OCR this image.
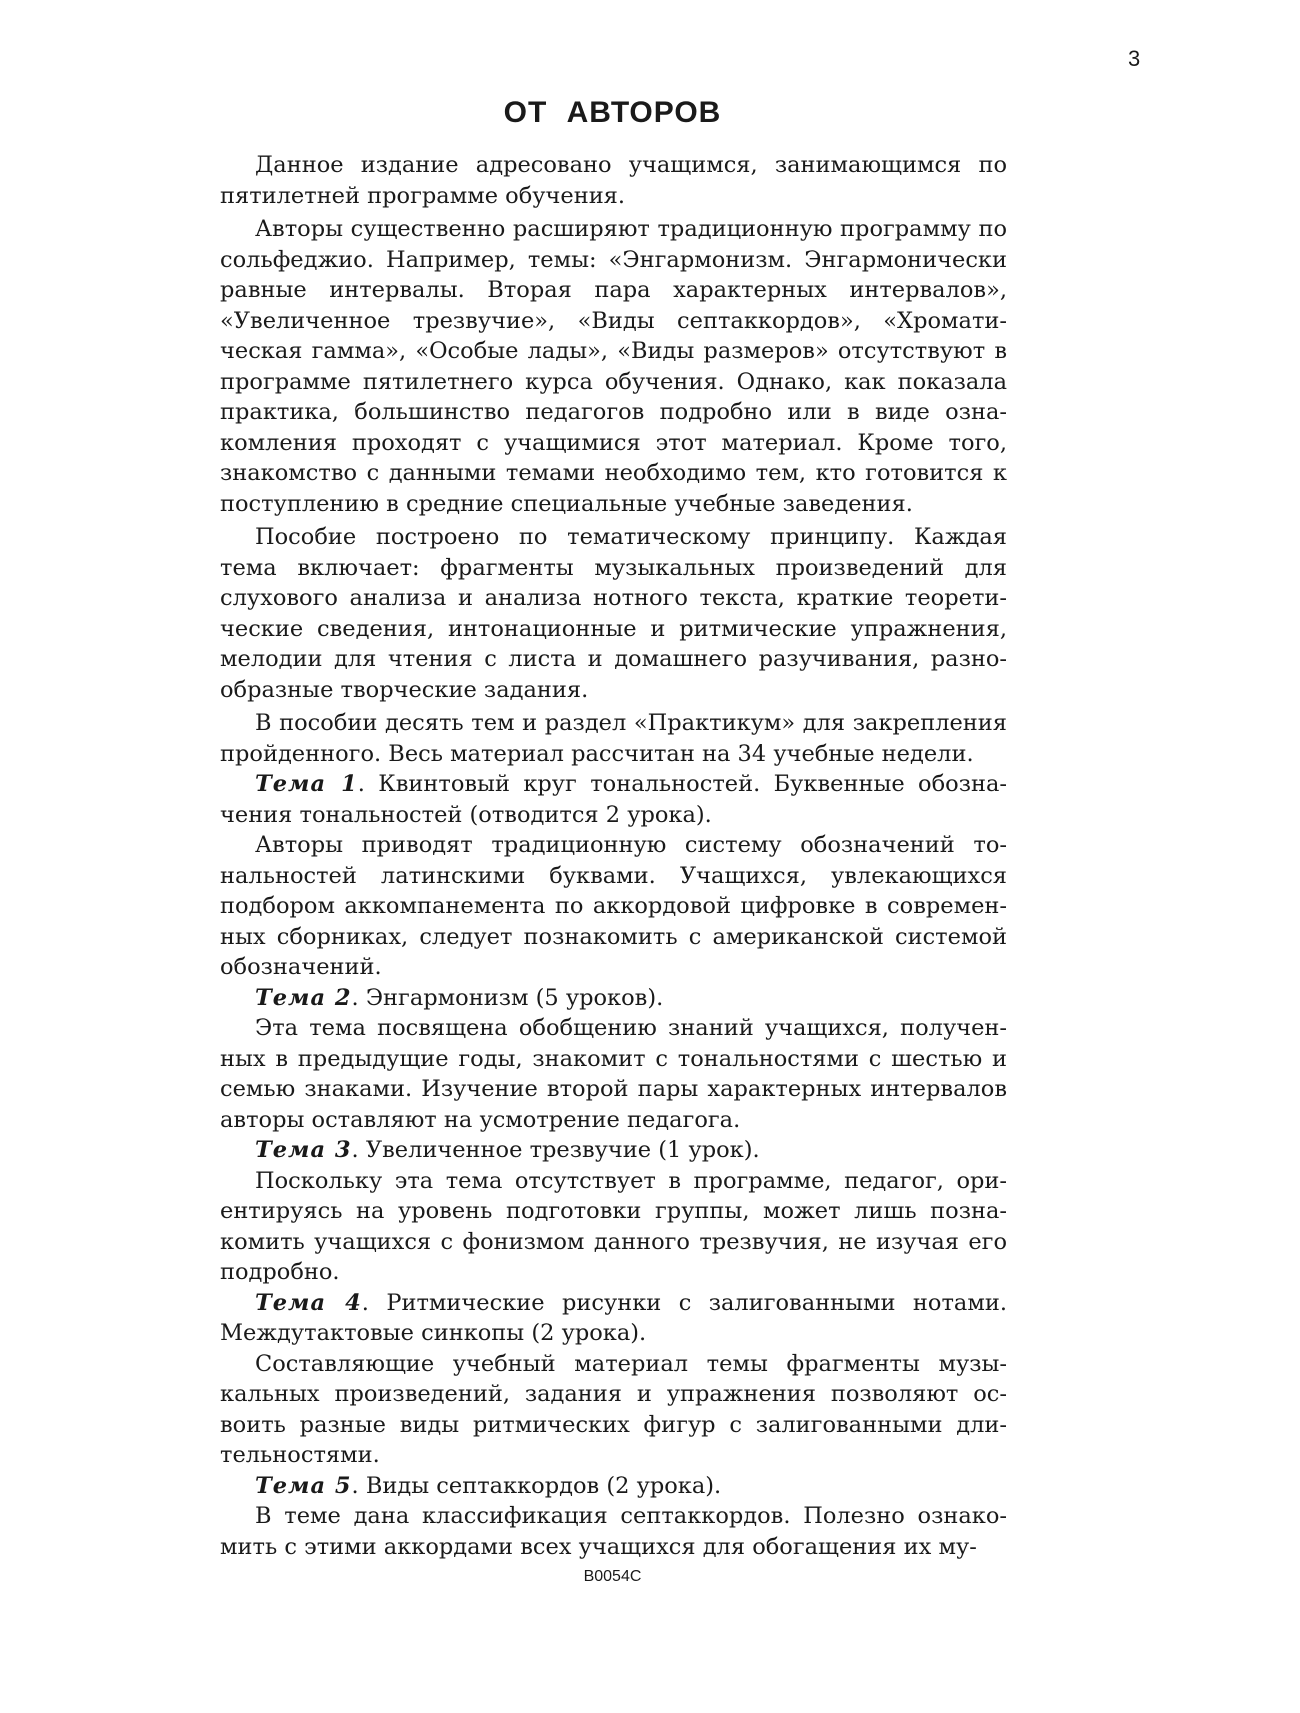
3
ОТ АВТОРОВ

Данное издание адресовано учащимся, занимающимся по пятилетней программе обучения.

Авторы существенно расширяют традиционную программу по сольфеджио. Например, темы: «Энгармонизм. Энгармонически равные интервалы. Вторая пара характерных интервалов», «Увеличенное трезвучие», «Виды септаккордов», «Хроматическая гамма», «Особые лады», «Виды размеров» отсутствуют в программе пятилетнего курса обучения. Однако, как показала практика, большинство педагогов подробно или в виде ознакомления проходят с учащимися этот материал. Кроме того, знакомство с данными темами необходимо тем, кто готовится к поступлению в средние специальные учебные заведения.

Пособие построено по тематическому принципу. Каждая тема включает: фрагменты музыкальных произведений для слухового анализа и анализа нотного текста, краткие теоретические сведения, интонационные и ритмические упражнения, мелодии для чтения с листа и домашнего разучивания, разнообразные творческие задания.

В пособии десять тем и раздел «Практикум» для закрепления пройденного. Весь материал рассчитан на 34 учебные недели.

Тема 1. Квинтовый круг тональностей. Буквенные обозначения тональностей (отводится 2 урока).

Авторы приводят традиционную систему обозначений тональностей латинскими буквами. Учащихся, увлекающихся подбором аккомпанемента по аккордовой цифровке в современных сборниках, следует познакомить с американской системой обозначений.

Тема 2. Энгармонизм (5 уроков).

Эта тема посвящена обобщению знаний учащихся, полученных в предыдущие годы, знакомит с тональностями с шестью и семью знаками. Изучение второй пары характерных интервалов авторы оставляют на усмотрение педагога.

Тема 3. Увеличенное трезвучие (1 урок).

Поскольку эта тема отсутствует в программе, педагог, ориентируясь на уровень подготовки группы, может лишь познакомить учащихся с фонизмом данного трезвучия, не изучая его подробно.

Тема 4. Ритмические рисунки с залигованными нотами. Междутактовые синкопы (2 урока).

Составляющие учебный материал темы фрагменты музыкальных произведений, задания и упражнения позволяют освоить разные виды ритмических фигур с залигованными длительностями.

Тема 5. Виды септаккордов (2 урока).

В теме дана классификация септаккордов. Полезно ознакомить с этими аккордами всех учащихся для обогащения их му-

В0054С
